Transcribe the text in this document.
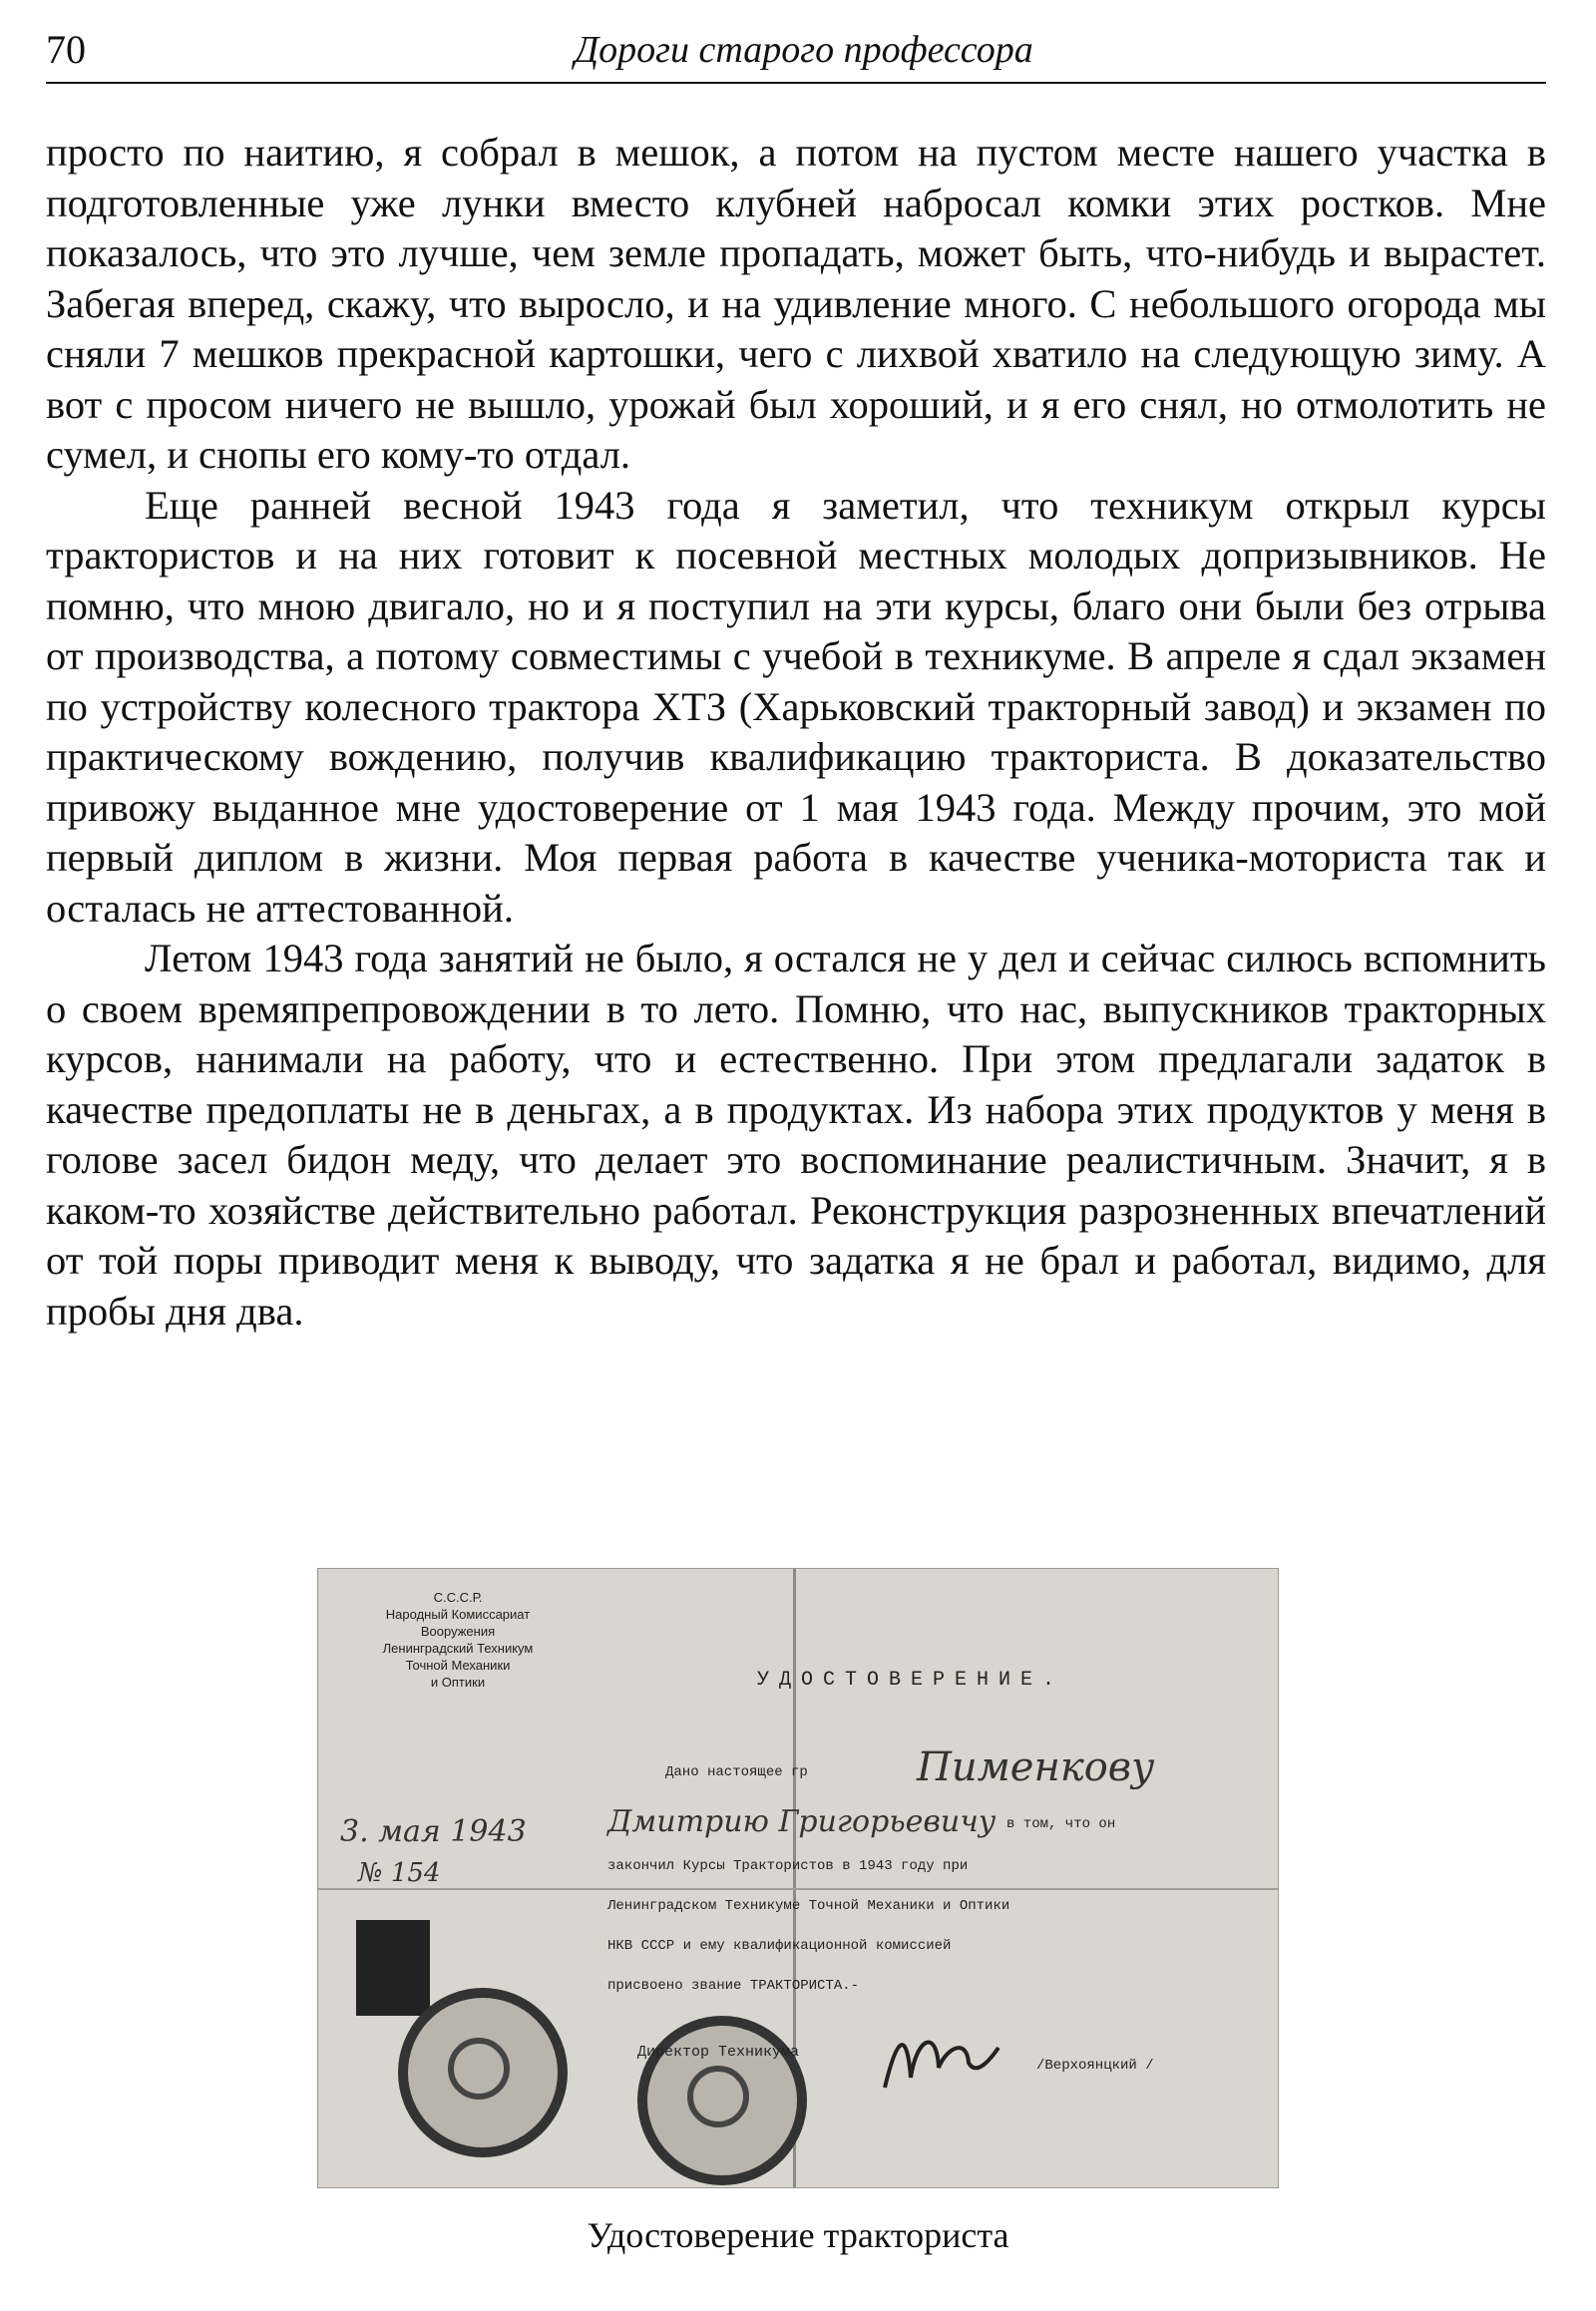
70	Дороги старого профессора

просто по наитию, я собрал в мешок, а потом на пустом месте нашего участка в подготовленные уже лунки вместо клубней набросал комки этих ростков. Мне показалось, что это лучше, чем земле пропадать, может быть, что-нибудь и вырастет. Забегая вперед, скажу, что выросло, и на удивление много. С небольшого огорода мы сняли 7 мешков прекрасной картошки, чего с лихвой хватило на следующую зиму. А вот с просом ничего не вышло, урожай был хороший, и я его снял, но отмолотить не сумел, и снопы его кому-то отдал.

Еще ранней весной 1943 года я заметил, что техникум открыл курсы трактористов и на них готовит к посевной местных молодых допризывников. Не помню, что мною двигало, но и я поступил на эти курсы, благо они были без отрыва от производства, а потому совместимы с учебой в техникуме. В апреле я сдал экзамен по устройству колесного трактора ХТЗ (Харьковский тракторный завод) и экзамен по практическому вождению, получив квалификацию тракториста. В доказательство привожу выданное мне удостоверение от 1 мая 1943 года. Между прочим, это мой первый диплом в жизни. Моя первая работа в качестве ученика-моториста так и осталась не аттестованной.

Летом 1943 года занятий не было, я остался не у дел и сейчас силюсь вспомнить о своем времяпрепровождении в то лето. Помню, что нас, выпускников тракторных курсов, нанимали на работу, что и естественно. При этом предлагали задаток в качестве предоплаты не в деньгах, а в продуктах. Из набора этих продуктов у меня в голове засел бидон меду, что делает это воспоминание реалистичным. Значит, я в каком-то хозяйстве действительно работал. Реконструкция разрозненных впечатлений от той поры приводит меня к выводу, что задатка я не брал и работал, видимо, для пробы дня два.

С.С.С.Р.
Народный Комиссариат
Вооружения
Ленинградский Техникум
Точной Механики
и Оптики	УДОСТОВЕРЕНИЕ.
3. мая 1943
№ 154
Дано настоящее гр	Пименкову
Дмитрию Григорьевичу в том, что он
закончил Курсы Трактористов в 1943 году при
Ленинградском Техникуме Точной Механики и Оптики
НКВ СССР и ему квалификационной комиссией
присвоено звание ТРАКТОРИСТА.-
Директор Техникума
/Верхоянцкий /
Удостоверение тракториста
